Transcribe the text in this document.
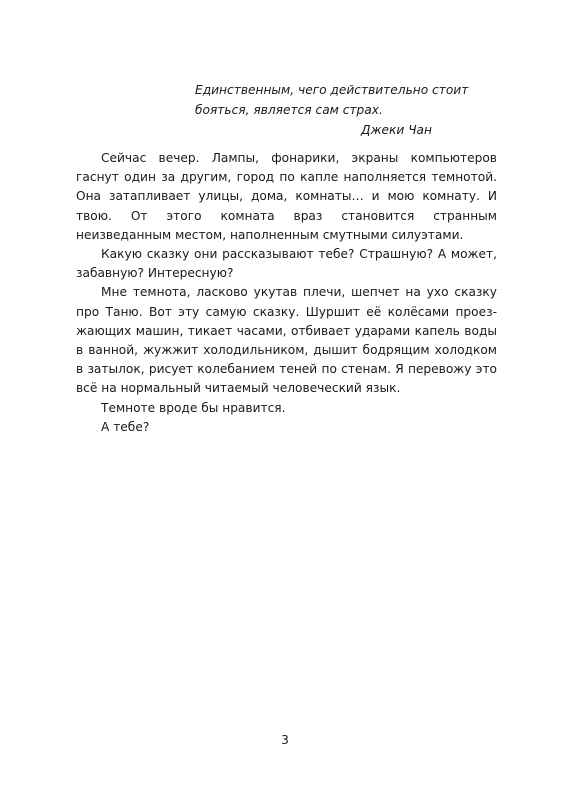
Единственным, чего действительно стоит
бояться, является сам страх.
Джеки Чан

Сейчас вечер. Лампы, фонарики, экраны компьютеров гаснут один за другим, город по капле наполняется темнотой. Она затапливает улицы, дома, комнаты… и мою комнату. И твою. От этого комната враз становится странным неизведанным местом, наполненным смутными силуэтами.

Какую сказку они рассказывают тебе? Страшную? А может, забавную? Интересную?

Мне темнота, ласково укутав плечи, шепчет на ухо сказку про Таню. Вот эту самую сказку. Шуршит её колёсами проезжающих машин, тикает часами, отбивает ударами капель воды в ванной, жужжит холодильником, дышит бодрящим холодком в затылок, рисует колебанием теней по стенам. Я перевожу это всё на нормальный читаемый человеческий язык.

Темноте вроде бы нравится.

А тебе?

3
